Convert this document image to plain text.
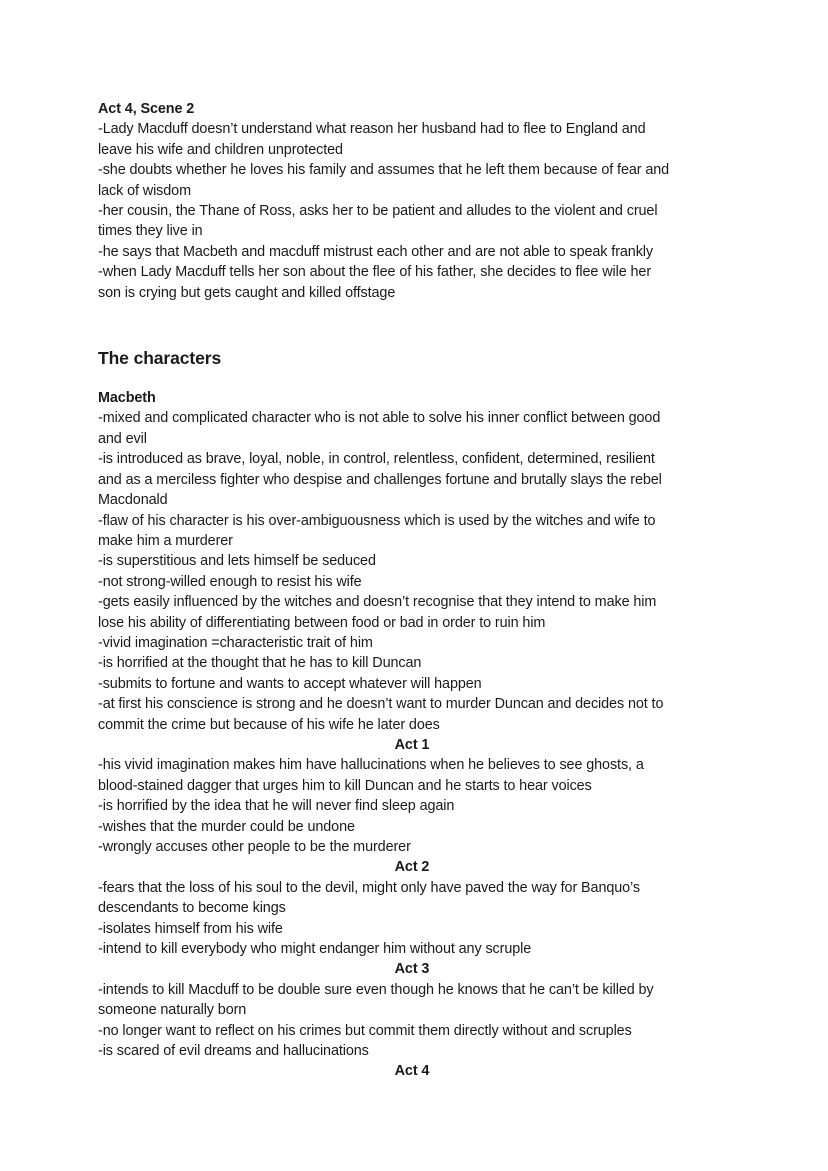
Act 4, Scene 2

-Lady Macduff doesn’t understand what reason her husband had to flee to England and

leave his wife and children unprotected

-she doubts whether he loves his family and assumes that he left them because of fear and

lack of wisdom

-her cousin, the Thane of Ross, asks her to be patient and alludes to the violent and cruel

times they live in

-he says that Macbeth and macduff mistrust each other and are not able to speak frankly

-when Lady Macduff tells her son about the flee of his father, she decides to flee wile her

son is crying but gets caught and killed offstage

The characters

Macbeth

-mixed and complicated character who is not able to solve his inner conflict between good

and evil

-is introduced as brave, loyal, noble, in control, relentless, confident, determined, resilient

and as a merciless fighter who despise and challenges fortune and brutally slays the rebel

Macdonald

-flaw of his character is his over-ambiguousness which is used by the witches and wife to

make him a murderer

-is superstitious and lets himself be seduced

-not strong-willed enough to resist his wife

-gets easily influenced by the witches and doesn’t recognise that they intend to make him

lose his ability of differentiating between food or bad in order to ruin him

-vivid imagination =characteristic trait of him

-is horrified at the thought that he has to kill Duncan

-submits to fortune and wants to accept whatever will happen

-at first his conscience is strong and he doesn’t want to murder Duncan and decides not to

commit the crime but because of his wife he later does

Act 1

-his vivid imagination makes him have hallucinations when he believes to see ghosts, a

blood-stained dagger that urges him to kill Duncan and he starts to hear voices

-is horrified by the idea that he will never find sleep again

-wishes that the murder could be undone

-wrongly accuses other people to be the murderer

Act 2

-fears that the loss of his soul to the devil, might only have paved the way for Banquo’s

descendants to become kings

-isolates himself from his wife

-intend to kill everybody who might endanger him without any scruple

Act 3

-intends to kill Macduff to be double sure even though he knows that he can’t be killed by

someone naturally born

-no longer want to reflect on his crimes but commit them directly without and scruples

-is scared of evil dreams and hallucinations

Act 4
